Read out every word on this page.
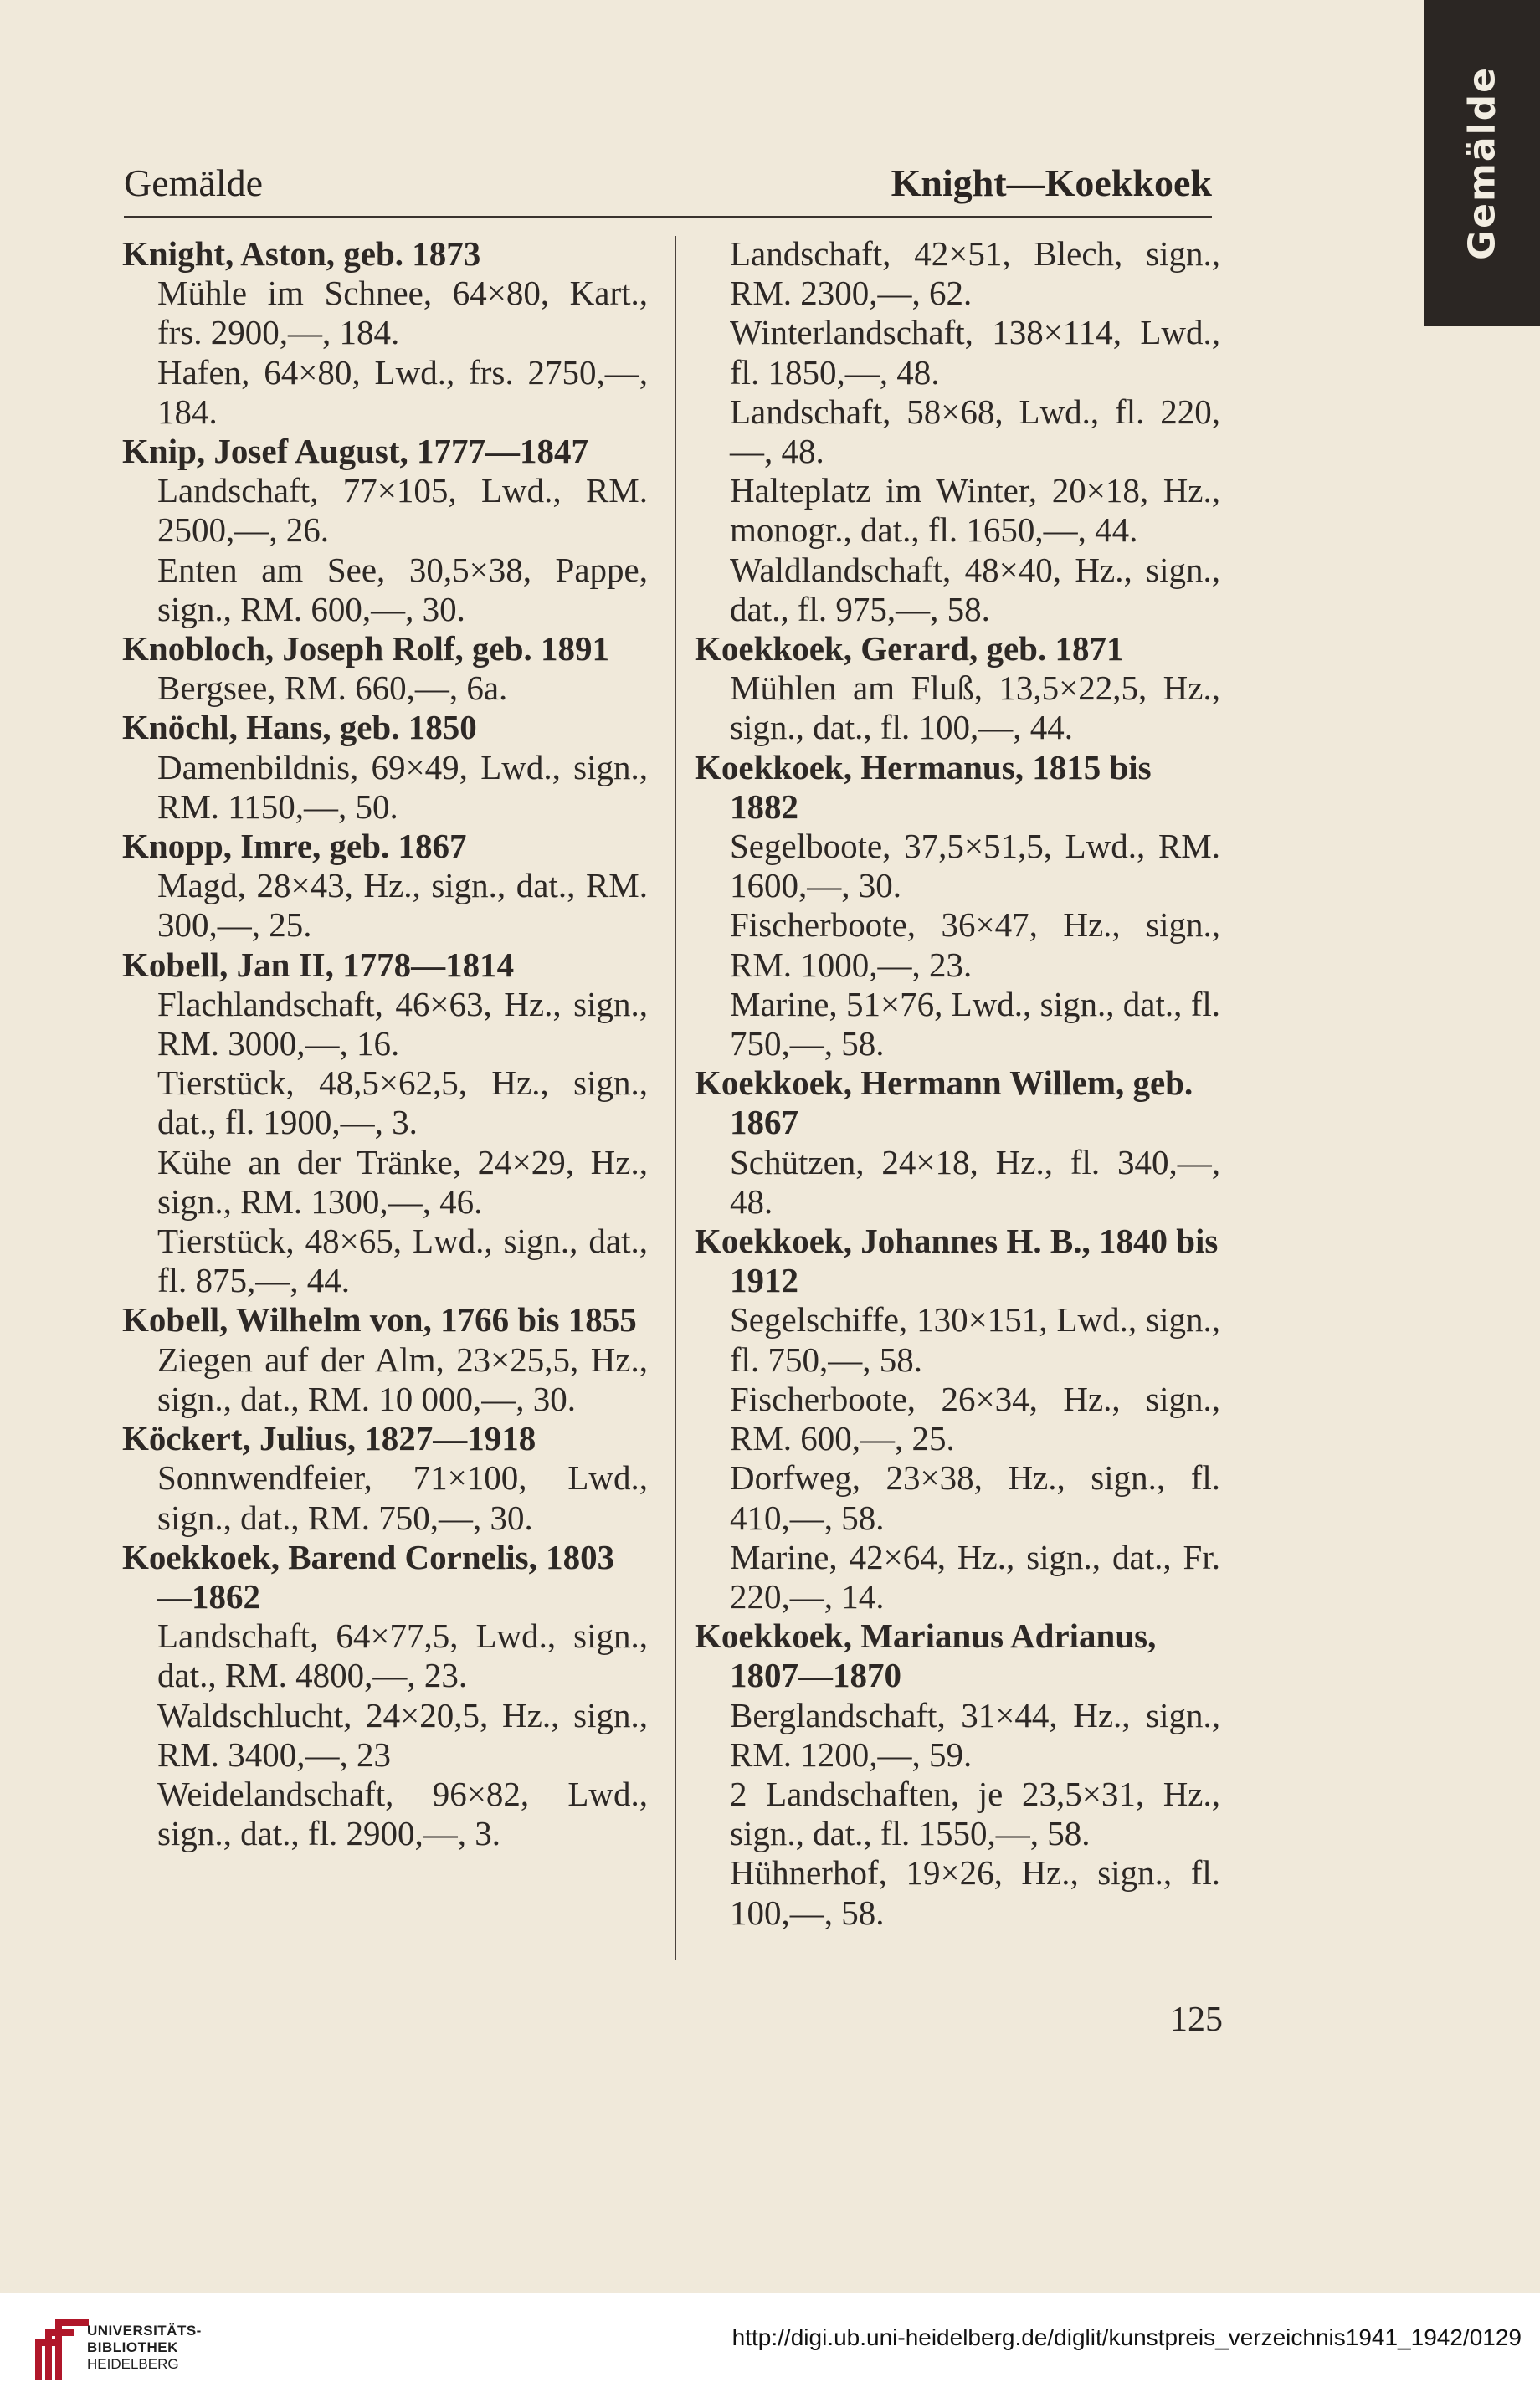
Gemälde
Gemälde	Knight—Koekkoek
Knight, Aston, geb. 1873
Mühle im Schnee, 64×80, Kart., frs. 2900,—, 184.
Hafen, 64×80, Lwd., frs. 2750,—, 184.
Knip, Josef August, 1777—1847
Landschaft, 77×105, Lwd., RM. 2500,—, 26.
Enten am See, 30,5×38, Pappe, sign., RM. 600,—, 30.
Knobloch, Joseph Rolf, geb. 1891
Bergsee, RM. 660,—, 6a.
Knöchl, Hans, geb. 1850
Damenbildnis, 69×49, Lwd., sign., RM. 1150,—, 50.
Knopp, Imre, geb. 1867
Magd, 28×43, Hz., sign., dat., RM. 300,—, 25.
Kobell, Jan II, 1778—1814
Flachlandschaft, 46×63, Hz., sign., RM. 3000,—, 16.
Tierstück, 48,5×62,5, Hz., sign., dat., fl. 1900,—, 3.
Kühe an der Tränke, 24×29, Hz., sign., RM. 1300,—, 46.
Tierstück, 48×65, Lwd., sign., dat., fl. 875,—, 44.
Kobell, Wilhelm von, 1766 bis 1855
Ziegen auf der Alm, 23×25,5, Hz., sign., dat., RM. 10 000,—, 30.
Köckert, Julius, 1827—1918
Sonnwendfeier, 71×100, Lwd., sign., dat., RM. 750,—, 30.
Koekkoek, Barend Cornelis, 1803—1862
Landschaft, 64×77,5, Lwd., sign., dat., RM. 4800,—, 23.
Waldschlucht, 24×20,5, Hz., sign., RM. 3400,—, 23
Weidelandschaft, 96×82, Lwd., sign., dat., fl. 2900,—, 3.
Landschaft, 42×51, Blech, sign., RM. 2300,—, 62.
Winterlandschaft, 138×114, Lwd., fl. 1850,—, 48.
Landschaft, 58×68, Lwd., fl. 220,—, 48.
Halteplatz im Winter, 20×18, Hz., monogr., dat., fl. 1650,—, 44.
Waldlandschaft, 48×40, Hz., sign., dat., fl. 975,—, 58.
Koekkoek, Gerard, geb. 1871
Mühlen am Fluß, 13,5×22,5, Hz., sign., dat., fl. 100,—, 44.
Koekkoek, Hermanus, 1815 bis 1882
Segelboote, 37,5×51,5, Lwd., RM. 1600,—, 30.
Fischerboote, 36×47, Hz., sign., RM. 1000,—, 23.
Marine, 51×76, Lwd., sign., dat., fl. 750,—, 58.
Koekkoek, Hermann Willem, geb. 1867
Schützen, 24×18, Hz., fl. 340,—, 48.
Koekkoek, Johannes H. B., 1840 bis 1912
Segelschiffe, 130×151, Lwd., sign., fl. 750,—, 58.
Fischerboote, 26×34, Hz., sign., RM. 600,—, 25.
Dorfweg, 23×38, Hz., sign., fl. 410,—, 58.
Marine, 42×64, Hz., sign., dat., Fr. 220,—, 14.
Koekkoek, Marianus Adrianus, 1807—1870
Berglandschaft, 31×44, Hz., sign., RM. 1200,—, 59.
2 Landschaften, je 23,5×31, Hz., sign., dat., fl. 1550,—, 58.
Hühnerhof, 19×26, Hz., sign., fl. 100,—, 58.
125
UNIVERSITÄTS-
BIBLIOTHEK
HEIDELBERG
http://digi.ub.uni-heidelberg.de/diglit/kunstpreis_verzeichnis1941_1942/0129
